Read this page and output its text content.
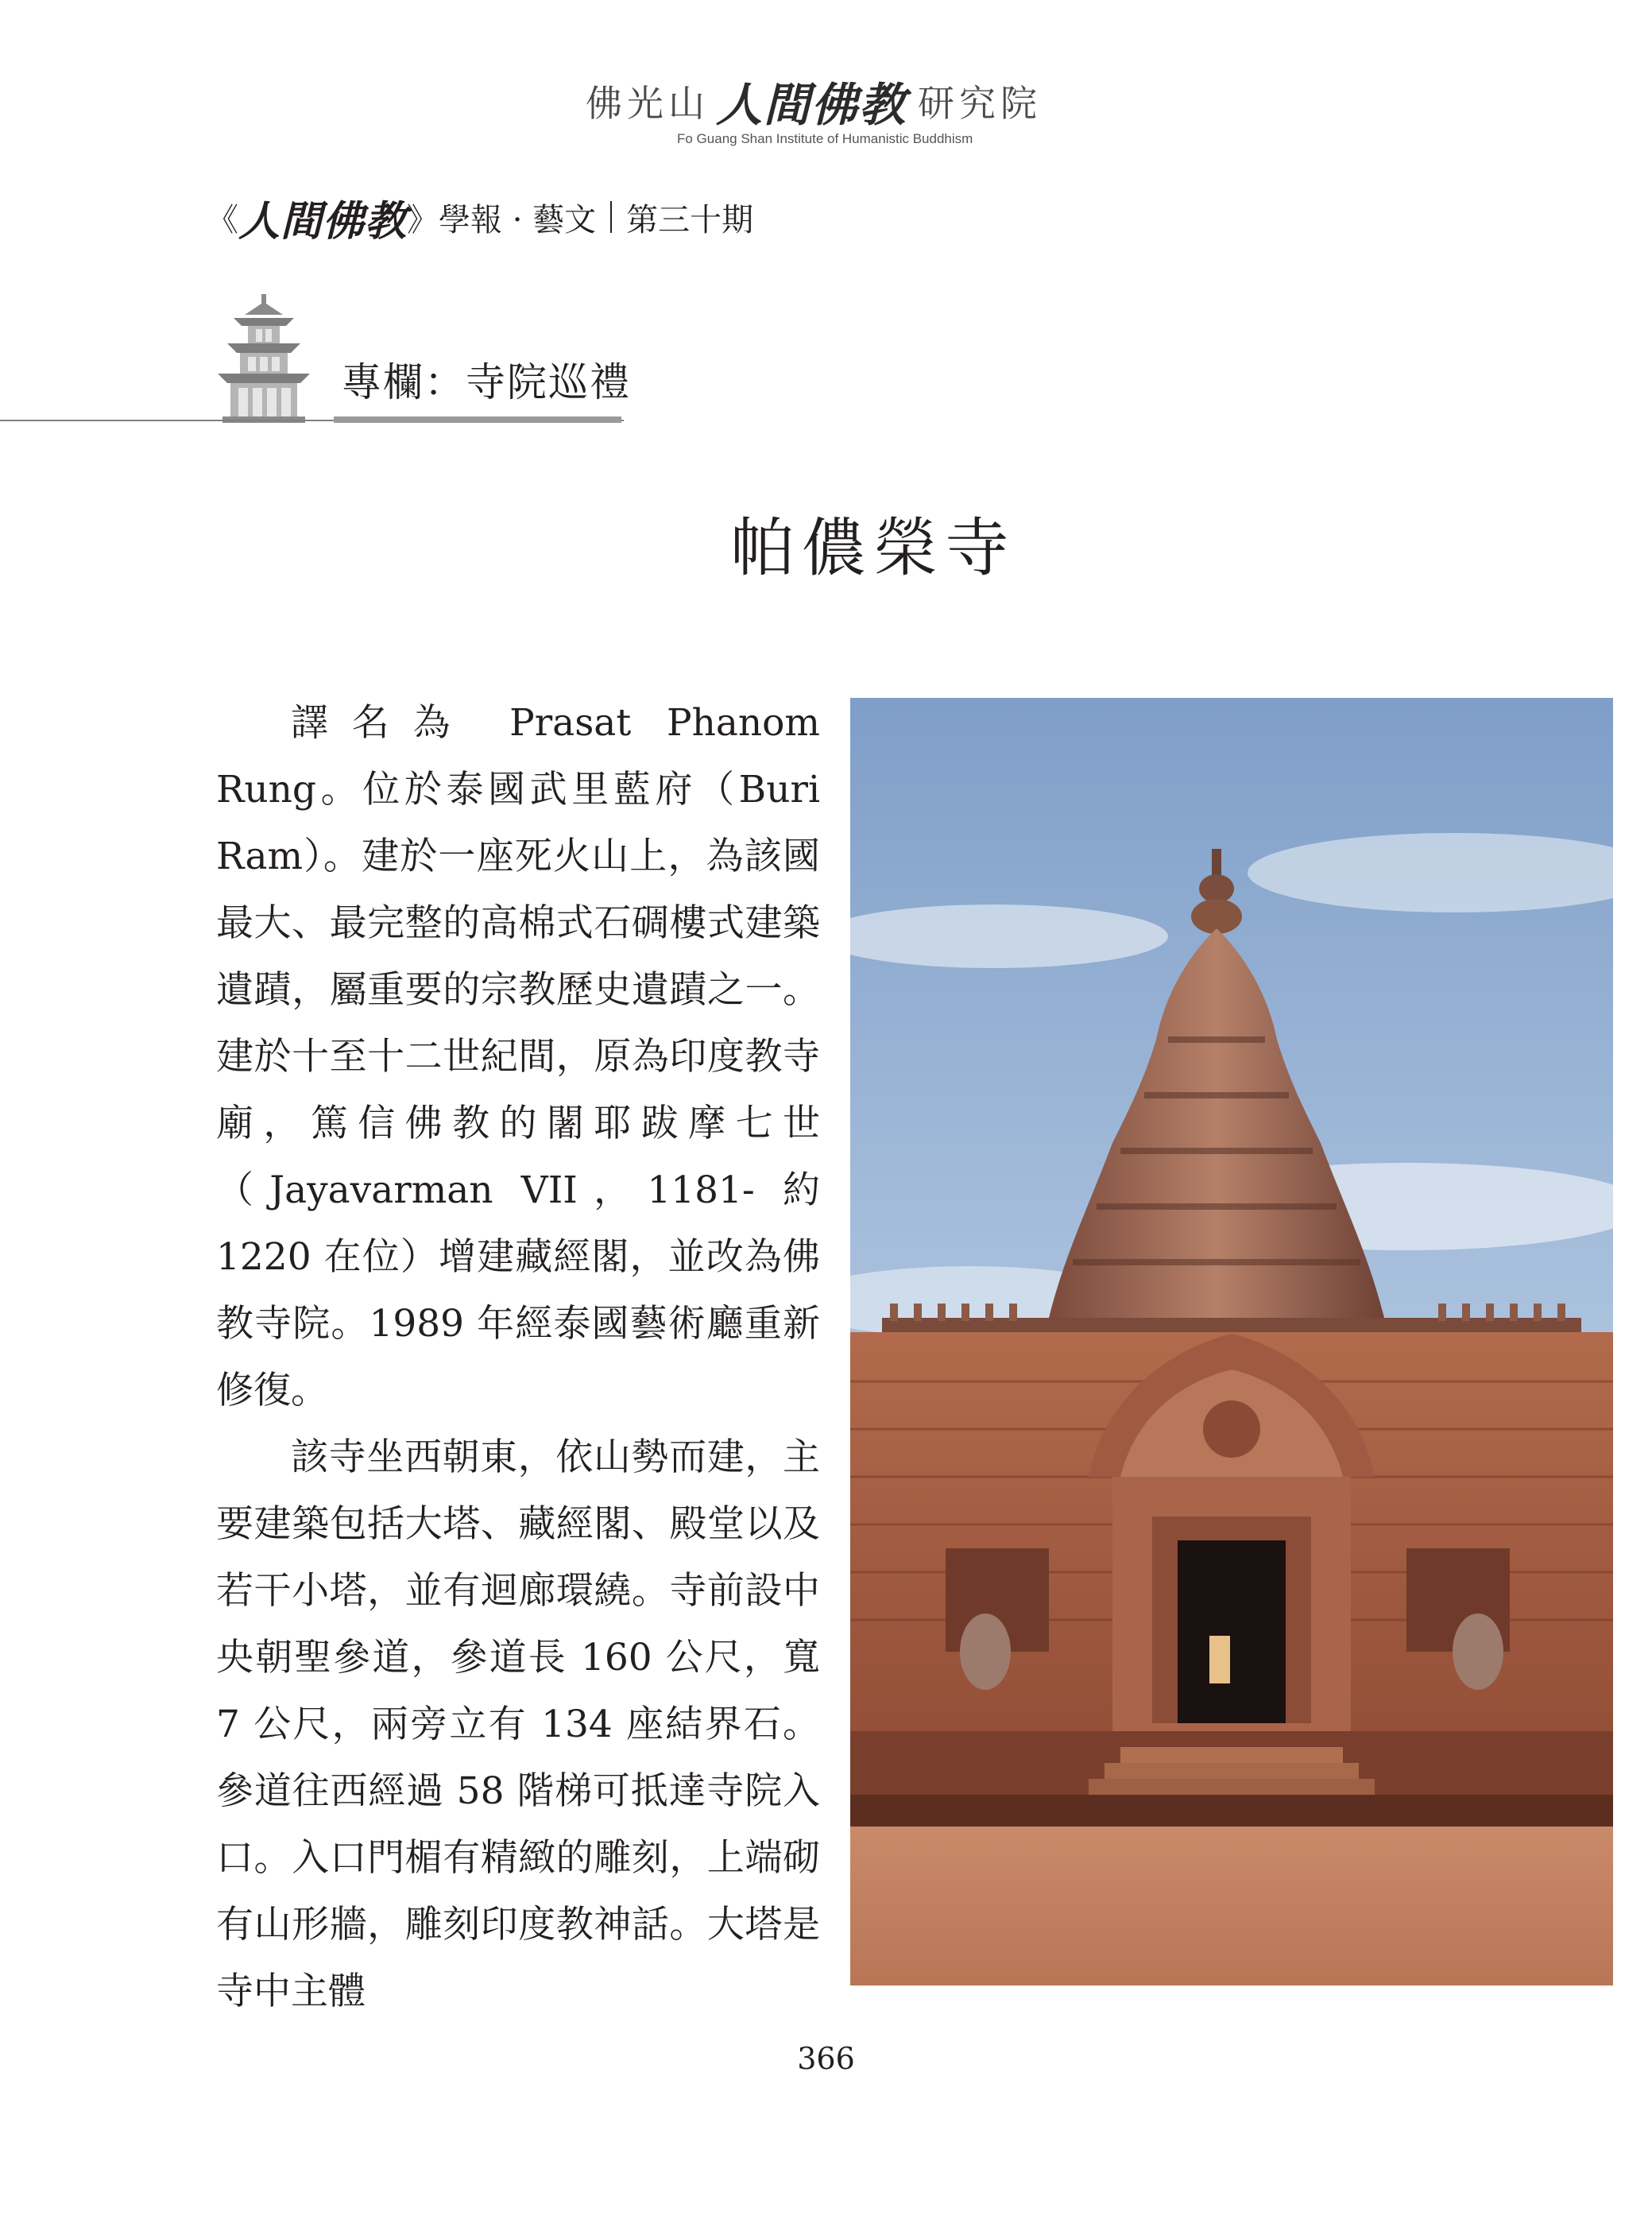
佛光山 人間佛教 研究院
Fo Guang Shan Institute of Humanistic Buddhism
《 人間佛教 》 學報 · 藝文 第三十期
專欄：寺院巡禮
帕儂榮寺

譯名為 Prasat Phanom Rung。位於泰國武里藍府（Buri Ram）。建於一座死火山上，為該國最大、最完整的高棉式石碉樓式建築遺蹟，屬重要的宗教歷史遺蹟之一。建於十至十二世紀間，原為印度教寺廟，篤信佛教的闍耶跋摩七世（Jayavarman VII，1181- 約 1220 在位）增建藏經閣，並改為佛教寺院。1989 年經泰國藝術廳重新修復。

該寺坐西朝東，依山勢而建，主要建築包括大塔、藏經閣、殿堂以及若干小塔，並有迴廊環繞。寺前設中央朝聖參道，參道長 160 公尺，寬 7 公尺，兩旁立有 134 座結界石。參道往西經過 58 階梯可抵達寺院入口。入口門楣有精緻的雕刻，上端砌有山形牆，雕刻印度教神話。大塔是寺中主體

366
